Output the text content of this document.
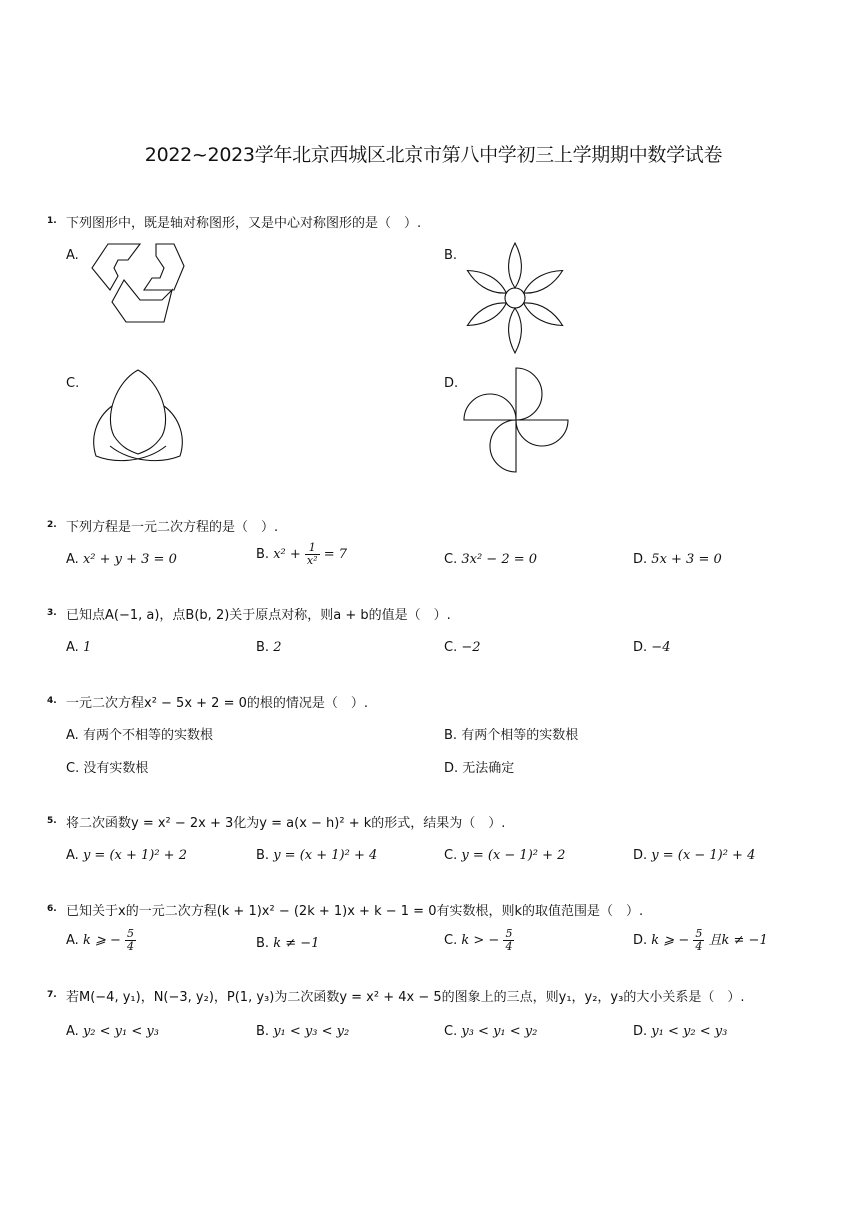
2022~2023学年北京西城区北京市第八中学初三上学期期中数学试卷
1. 下列图形中，既是轴对称图形，又是中心对称图形的是（　）.
A.	B.
C.	D.
2. 下列方程是一元二次方程的是（　）.
A. x² + y + 3 = 0	B. $x^2 + \frac{1}{\text{x²}} = 7$	C. 3x² − 2 = 0	D. 5x + 3 = 0
3. 已知点A(−1, a)，点B(b, 2)关于原点对称，则a + b的值是（　）.
A. 1	B. 2	C. −2	D. −4
4. 一元二次方程x² − 5x + 2 = 0的根的情况是（　）.
A. 有两个不相等的实数根	B. 有两个相等的实数根
C. 没有实数根	D. 无法确定
5. 将二次函数y = x² − 2x + 3化为y = a(x − h)² + k的形式，结果为（　）.
A. y = (x + 1)² + 2	B. y = (x + 1)² + 4	C. y = (x − 1)² + 2	D. y = (x − 1)² + 4
6. 已知关于x的一元二次方程(k + 1)x² − (2k + 1)x + k − 1 = 0有实数根，则k的取值范围是（　）.
A. k ⩾ − $\frac{5}{4}$	B. k ≠ −1	C. k > − $\frac{5}{4}$	D. k ⩾ − $\frac{5}{4}$ 且k ≠ −1
7. 若M(−4, y₁)，N(−3, y₂)，P(1, y₃)为二次函数y = x² + 4x − 5的图象上的三点，则y₁，y₂，y₃的大小关系是（　）.
A. y₂ < y₁ < y₃	B. y₁ < y₃ < y₂	C. y₃ < y₁ < y₂	D. y₁ < y₂ < y₃
